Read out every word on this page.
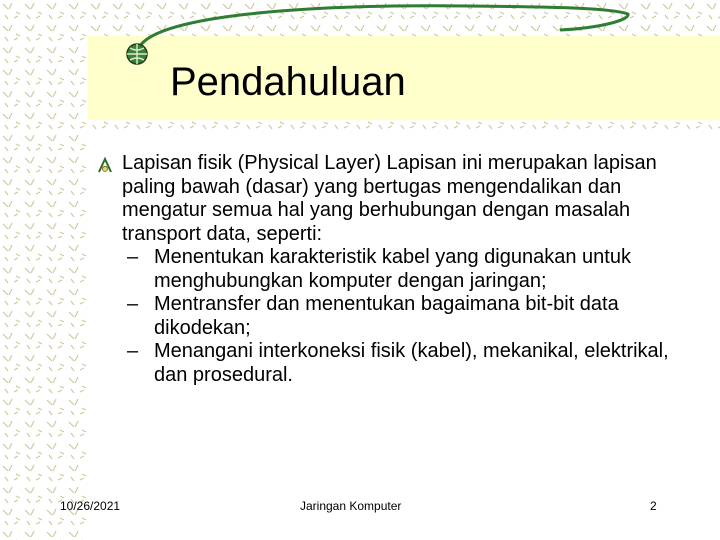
Pendahuluan
Lapisan fisik (Physical Layer) Lapisan ini merupakan lapisan paling bawah (dasar) yang bertugas mengendalikan dan mengatur semua hal yang berhubungan dengan masalah transport data, seperti:
– Menentukan karakteristik kabel yang digunakan untuk menghubungkan komputer dengan jaringan;
– Mentransfer dan menentukan bagaimana bit-bit data dikodekan;
– Menangani interkoneksi fisik (kabel), mekanikal, elektrikal, dan prosedural.
10/26/2021	Jaringan Komputer	2
